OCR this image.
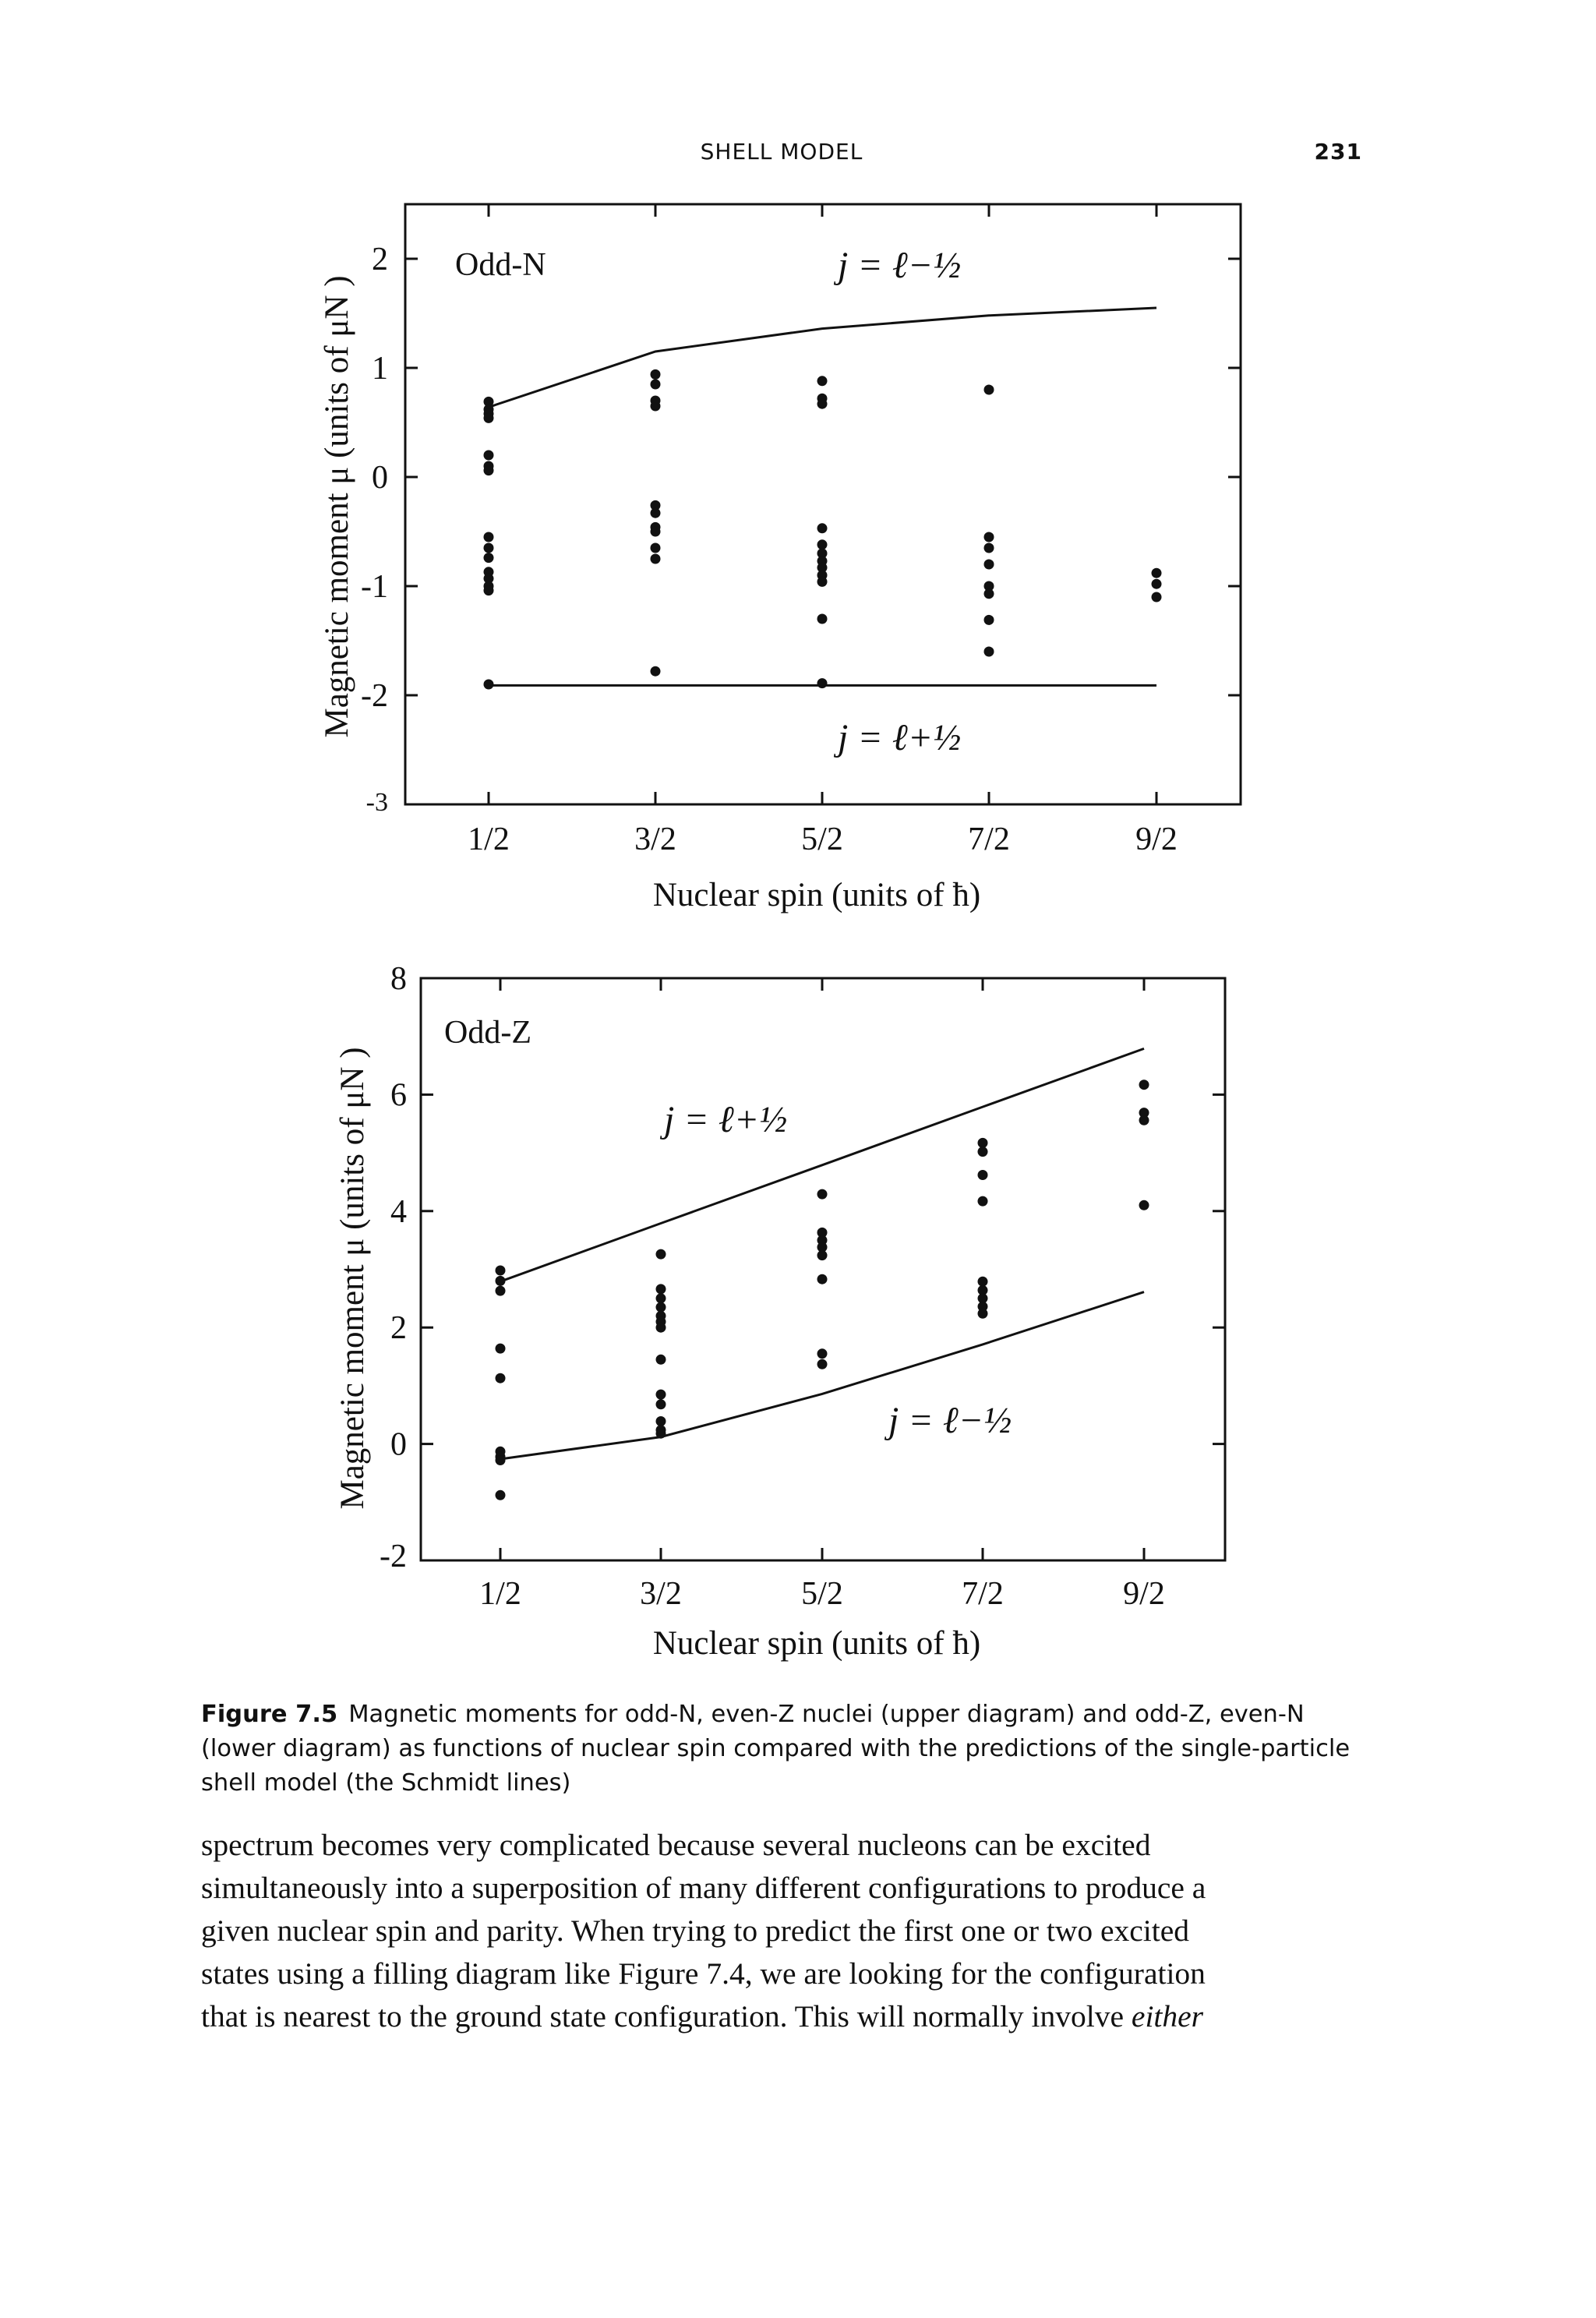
SHELL MODEL	231
2
1
0
-1
-2
-3
1/2	3/2	5/2	7/2	9/2
Odd-N	j = ℓ−½
j = ℓ+½
Nuclear spin (units of ħ)
Magnetic moment μ (units of μN )
8
6
4
2
0
-2
1/2	3/2	5/2	7/2	9/2
Odd-Z
j = ℓ+½
j = ℓ−½
Nuclear spin (units of ħ)
Magnetic moment μ (units of μN )
Figure 7.5 Magnetic moments for odd-N, even-Z nuclei (upper diagram) and odd-Z, even-N (lower diagram) as functions of nuclear spin compared with the predictions of the single-particle shell model (the Schmidt lines)

spectrum becomes very complicated because several nucleons can be excited

simultaneously into a superposition of many different configurations to produce a

given nuclear spin and parity. When trying to predict the first one or two excited

states using a filling diagram like Figure 7.4, we are looking for the configuration

that is nearest to the ground state configuration. This will normally involve either
